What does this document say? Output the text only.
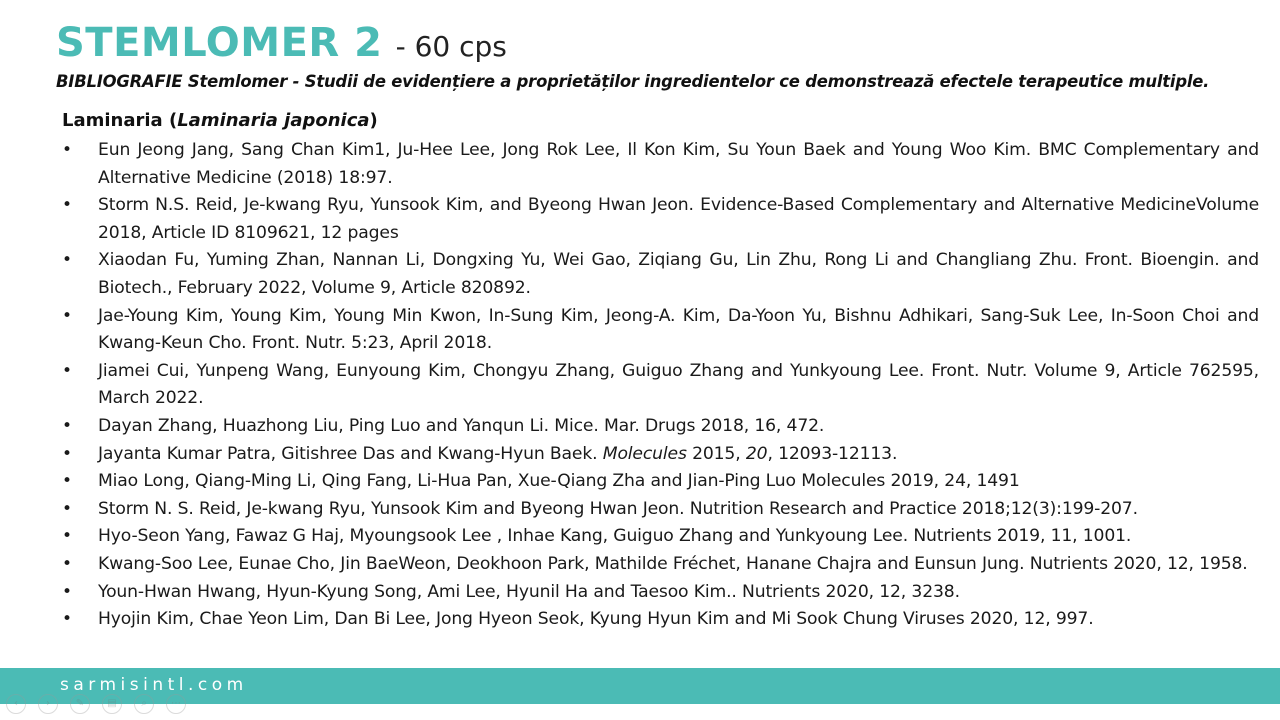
STEMLOMER 2 - 60 cps
BIBLIOGRAFIE Stemlomer - Studii de evidențiere a proprietăților ingredientelor ce demonstrează efectele terapeutice multiple.
Laminaria (Laminaria japonica)
•	Eun Jeong Jang, Sang Chan Kim1, Ju-Hee Lee, Jong Rok Lee, Il Kon Kim, Su Youn Baek and Young Woo Kim. BMC Complementary and Alternative Medicine (2018) 18:97.
•	Storm N.S. Reid, Je-kwang Ryu, Yunsook Kim, and Byeong Hwan Jeon. Evidence-Based Complementary and Alternative MedicineVolume 2018, Article ID 8109621, 12 pages
•	Xiaodan Fu, Yuming Zhan, Nannan Li, Dongxing Yu, Wei Gao, Ziqiang Gu, Lin Zhu, Rong Li and Changliang Zhu. Front. Bioengin. and Biotech., February 2022, Volume 9, Article 820892.
•	Jae-Young Kim, Young Kim, Young Min Kwon, In-Sung Kim, Jeong-A. Kim, Da-Yoon Yu, Bishnu Adhikari, Sang-Suk Lee, In-Soon Choi and Kwang-Keun Cho. Front. Nutr. 5:23, April 2018.
•	Jiamei Cui, Yunpeng Wang, Eunyoung Kim, Chongyu Zhang, Guiguo Zhang and Yunkyoung Lee. Front. Nutr. Volume 9, Article 762595, March 2022.
•	Dayan Zhang, Huazhong Liu, Ping Luo and Yanqun Li. Mice. Mar. Drugs 2018, 16, 472.
•	Jayanta Kumar Patra, Gitishree Das and Kwang-Hyun Baek. Molecules 2015, 20, 12093-12113.
•	Miao Long, Qiang-Ming Li, Qing Fang, Li-Hua Pan, Xue-Qiang Zha and Jian-Ping Luo Molecules 2019, 24, 1491
•	Storm N. S. Reid, Je-kwang Ryu, Yunsook Kim and Byeong Hwan Jeon. Nutrition Research and Practice 2018;12(3):199-207.
•	Hyo-Seon Yang, Fawaz G Haj, Myoungsook Lee , Inhae Kang, Guiguo Zhang and Yunkyoung Lee. Nutrients 2019, 11, 1001.
•	Kwang-Soo Lee, Eunae Cho, Jin BaeWeon, Deokhoon Park, Mathilde Fréchet, Hanane Chajra and Eunsun Jung. Nutrients 2020, 12, 1958.
•	Youn-Hwan Hwang, Hyun-Kyung Song, Ami Lee, Hyunil Ha and Taesoo Kim.. Nutrients 2020, 12, 3238.
•	Hyojin Kim, Chae Yeon Lim, Dan Bi Lee, Jong Hyeon Seok, Kyung Hyun Kim and Mi Sook Chung Viruses 2020, 12, 997.
sarmisintl.com
‹	›	✎	▤	⌕	⋯
